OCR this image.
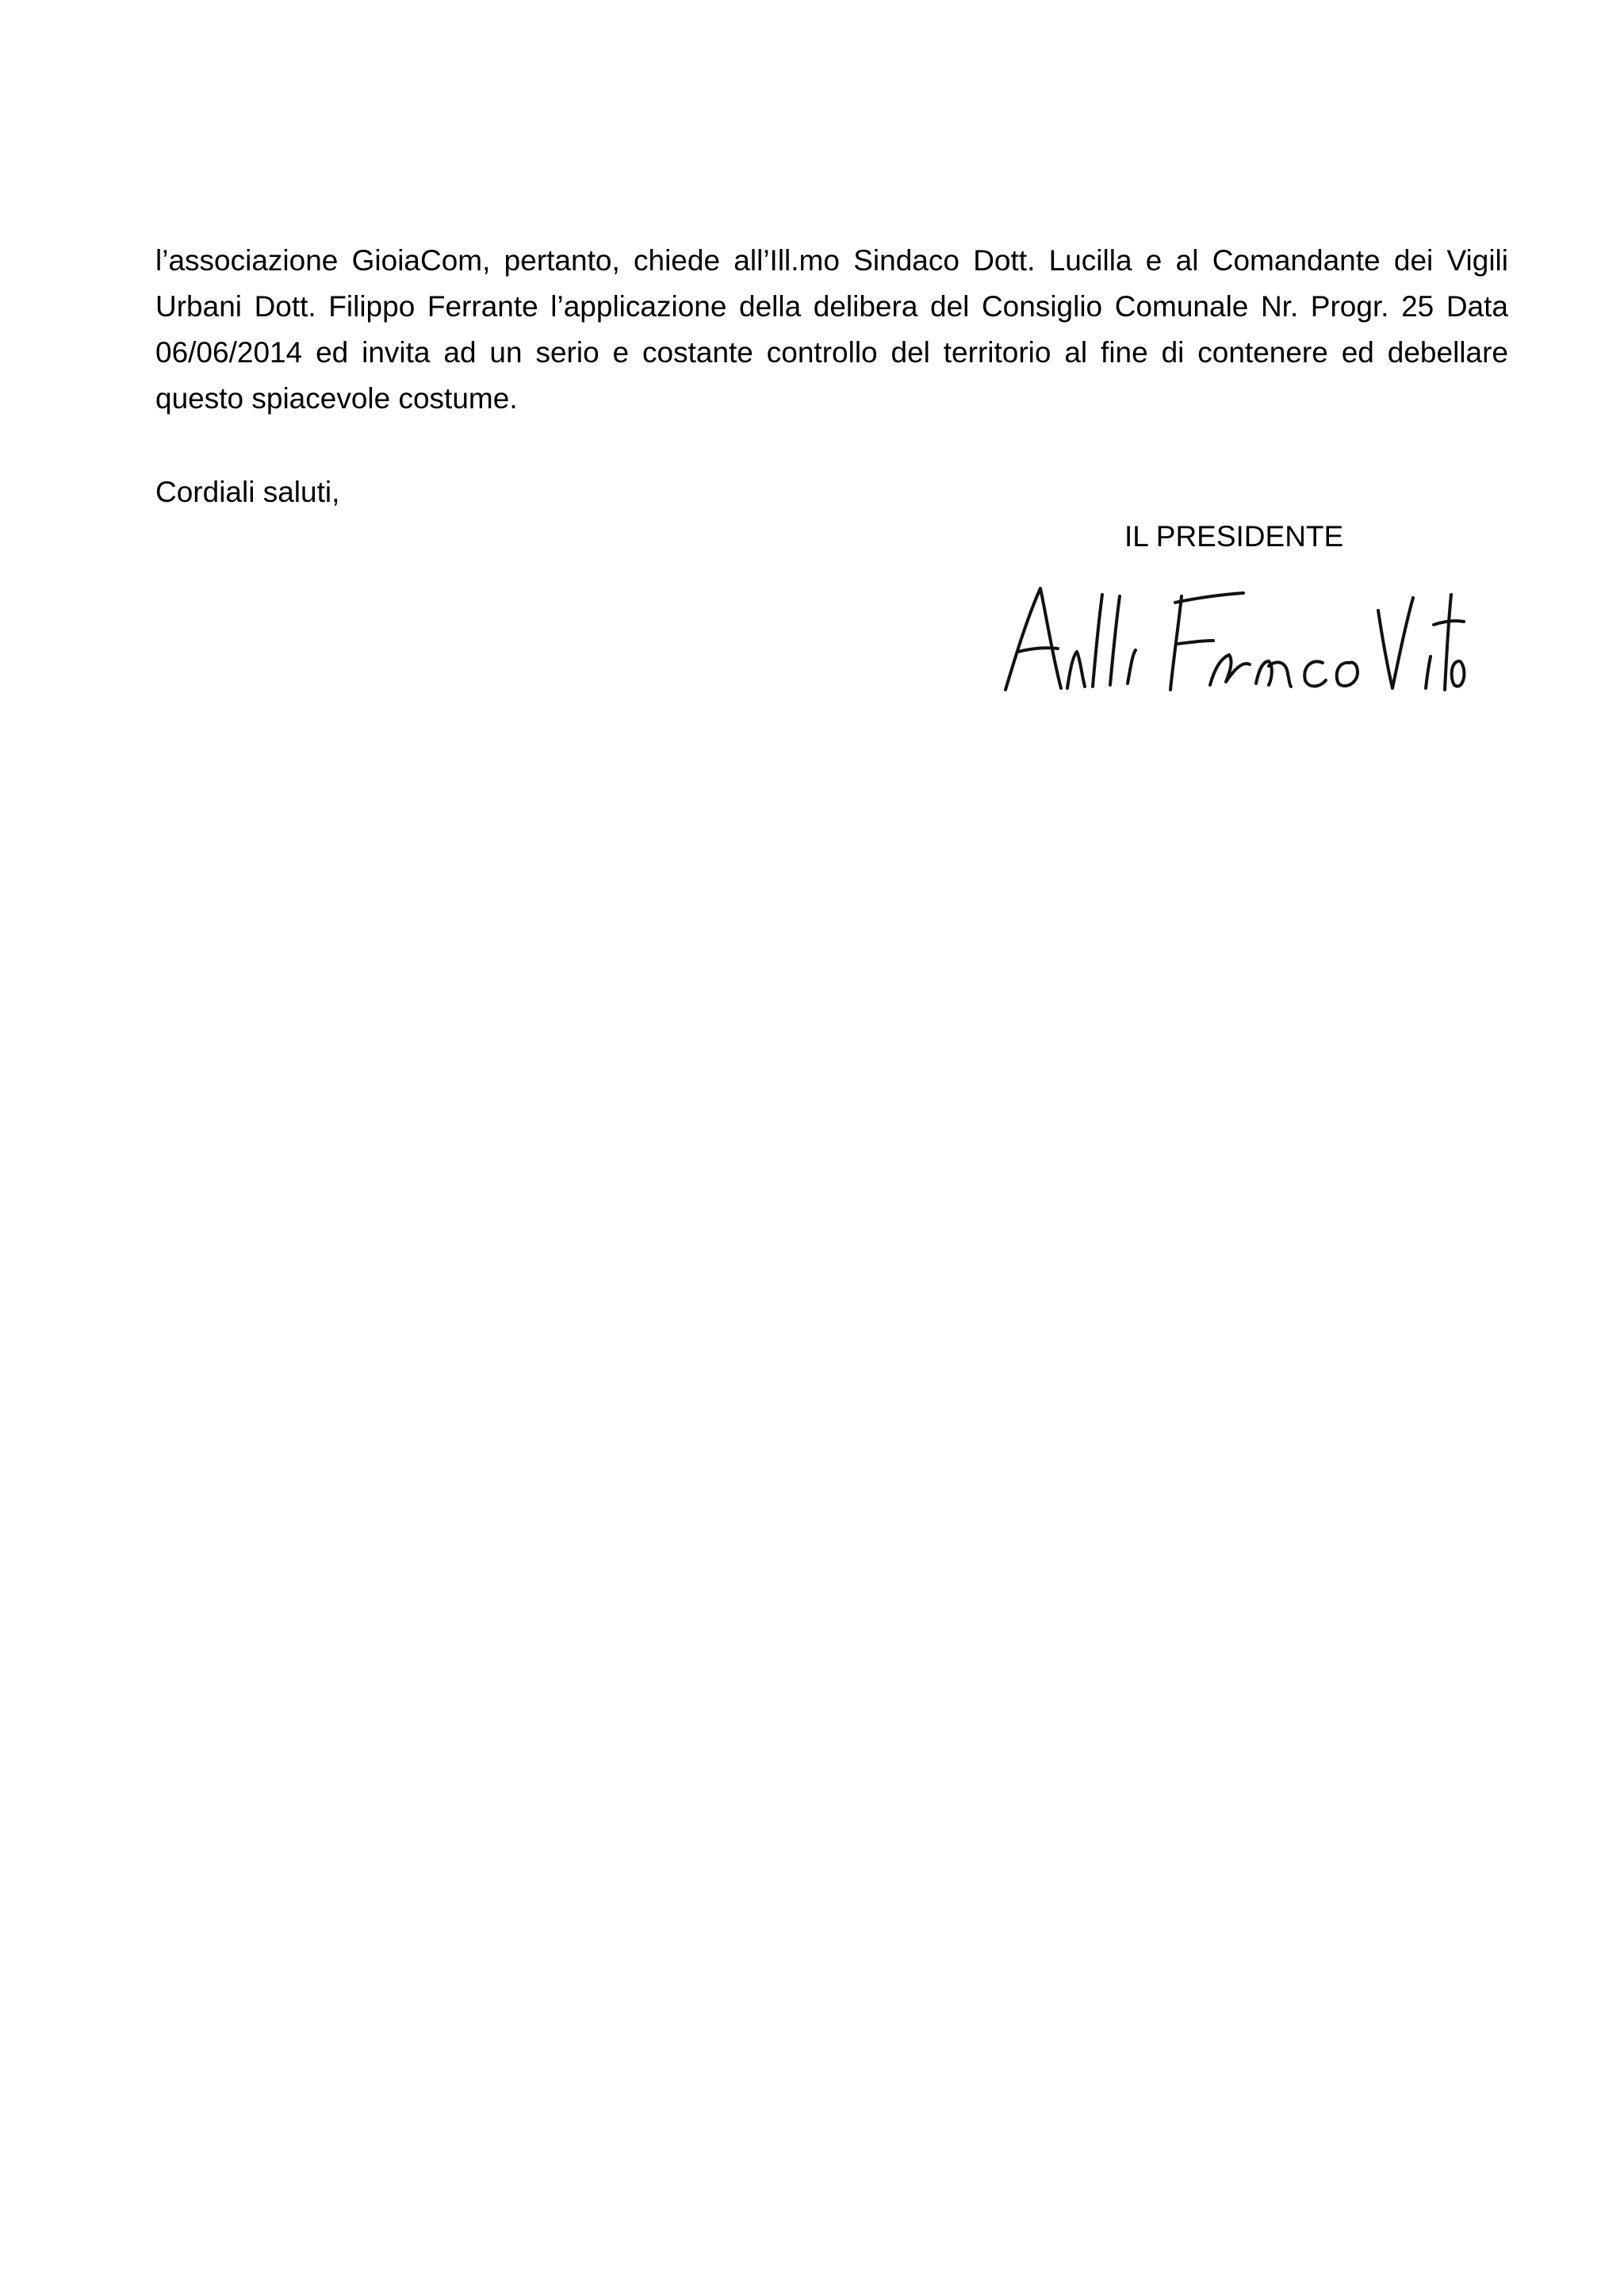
l’associazione GioiaCom, pertanto, chiede all’Ill.mo Sindaco Dott. Lucilla e al Comandante dei Vigili Urbani Dott. Filippo Ferrante l’applicazione della delibera del Consiglio Comunale Nr. Progr. 25 Data 06/06/2014 ed invita ad un serio e costante controllo del territorio al fine di contenere ed debellare questo spiacevole costume.

Cordiali saluti,

IL PRESIDENTE
